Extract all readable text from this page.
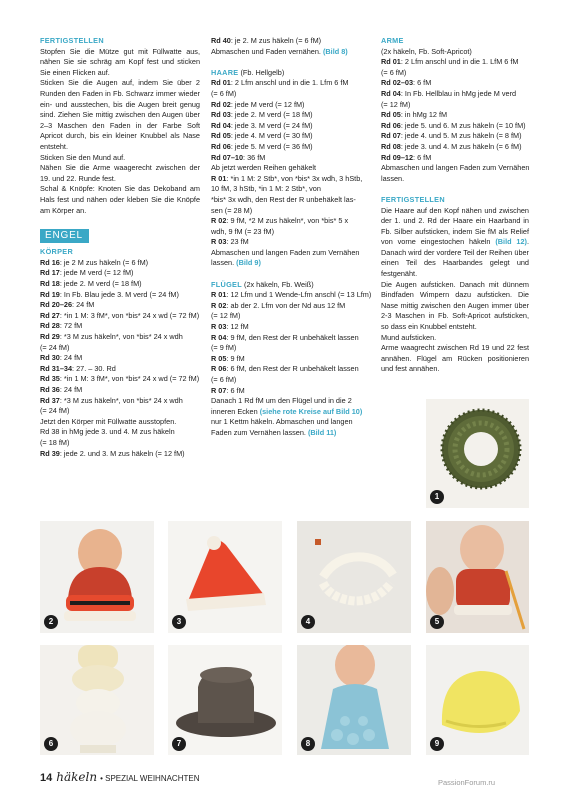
FERTIGSTELLEN

Stopfen Sie die Mütze gut mit Füllwatte aus, nähen Sie sie schräg am Kopf fest und sticken Sie einen Flicken auf.

Sticken Sie die Augen auf, indem Sie über 2 Runden den Faden in Fb. Schwarz immer wieder ein- und ausstechen, bis die Augen breit genug sind. Ziehen Sie mittig zwischen den Augen über 2–3 Maschen den Faden in der Farbe Soft Apricot durch, bis ein kleiner Knubbel als Nase entsteht.

Sticken Sie den Mund auf.

Nähen Sie die Arme waagerecht zwischen der 19. und 22. Runde fest.

Schal & Knöpfe: Knoten Sie das Dekoband am Hals fest und nähen oder kleben Sie die Knöpfe am Körper an.

ENGEL
KÖRPER
Rd 16: je 2 M zus häkeln (= 6 fM)
Rd 17: jede M verd (= 12 fM)
Rd 18: jede 2. M verd (= 18 fM)
Rd 19: In Fb. Blau jede 3. M verd (= 24 fM)
Rd 20–26: 24 fM
Rd 27: *in 1 M: 3 fM*, von *bis* 24 x wd (= 72 fM)
Rd 28: 72 fM
Rd 29: *3 M zus häkeln*, von *bis* 24 x wdh
(= 24 fM)
Rd 30: 24 fM
Rd 31–34: 27. – 30. Rd
Rd 35: *in 1 M: 3 fM*, von *bis* 24 x wd (= 72 fM)
Rd 36: 24 fM
Rd 37: *3 M zus häkeln*, von *bis* 24 x wdh
(= 24 fM)
Jetzt den Körper mit Füllwatte ausstopfen.
Rd 38 in hMg jede 3. und 4. M zus häkeln
(= 18 fM)
Rd 39: jede 2. und 3. M zus häkeln (= 12 fM)
Rd 40: je 2. M zus häkeln (= 6 fM)
Abmaschen und Faden vernähen. (Bild 8)
HAARE (Fb. Hellgelb)
Rd 01: 2 Lfm anschl und in die 1. Lfm 6 fM
(= 6 fM)
Rd 02: jede M verd (= 12 fM)
Rd 03: jede 2. M verd (= 18 fM)
Rd 04: jede 3. M verd (= 24 fM)
Rd 05: jede 4. M verd (= 30 fM)
Rd 06: jede 5. M verd (= 36 fM)
Rd 07–10: 36 fM
Ab jetzt werden Reihen gehäkelt
R 01: *in 1 M: 2 Stb*, von *bis* 3x wdh, 3 hStb,
10 fM, 3 hStb, *in 1 M: 2 Stb*, von
*bis* 3x wdh, den Rest der R unbehäkelt las-
sen (= 28 M)
R 02: 9 fM, *2 M zus häkeln*, von *bis* 5 x
wdh, 9 fM (= 23 fM)
R 03: 23 fM
Abmaschen und langen Faden zum Vernähen
lassen. (Bild 9)
FLÜGEL (2x häkeln, Fb. Weiß)
R 01: 12 Lfm und 1 Wende-Lfm anschl (= 13 Lfm)
R 02: ab der 2. Lfm von der Nd aus 12 fM
(= 12 fM)
R 03: 12 fM
R 04: 9 fM, den Rest der R unbehäkelt lassen
(= 9 fM)
R 05: 9 fM
R 06: 6 fM, den Rest der R unbehäkelt lassen
(= 6 fM)
R 07: 6 fM
Danach 1 Rd fM um den Flügel und in die 2
inneren Ecken (siehe rote Kreise auf Bild 10)
nur 1 Kettm häkeln. Abmaschen und langen
Faden zum Vernähen lassen. (Bild 11)
ARME
(2x häkeln, Fb. Soft-Apricot)
Rd 01: 2 Lfm anschl und in die 1. LfM 6 fM
(= 6 fM)
Rd 02–03: 6 fM
Rd 04: In Fb. Hellblau in hMg jede M verd
(= 12 fM)
Rd 05: in hMg 12 fM
Rd 06: jede 5. und 6. M zus häkeln (= 10 fM)
Rd 07: jede 4. und 5. M zus häkeln (= 8 fM)
Rd 08: jede 3. und 4. M zus häkeln (= 6 fM)
Rd 09–12: 6 fM
Abmaschen und langen Faden zum Vernähen
lassen.
FERTIGSTELLEN

Die Haare auf den Kopf nähen und zwischen der 1. und 2. Rd der Haare ein Haarband in Fb. Silber aufsticken, indem Sie fM als Relief von vorne eingestochen häkeln (Bild 12). Danach wird der vordere Teil der Reihen über einen Teil des Haarbandes gelegt und festgenäht.

Die Augen aufsticken. Danach mit dünnem Bindfaden Wimpern dazu aufsticken. Die Nase mittig zwischen den Augen immer über 2-3 Maschen in Fb. Soft-Apricot aufsticken, so dass ein Knubbel entsteht.

Mund aufsticken.

Arme waagrecht zwischen Rd 19 und 22 fest annähen. Flügel am Rücken positionieren und fest annähen.

1
2	3	4	5
6	7	8	9
14 häkeln • SPEZIAL WEIHNACHTEN	PassionForum.ru
